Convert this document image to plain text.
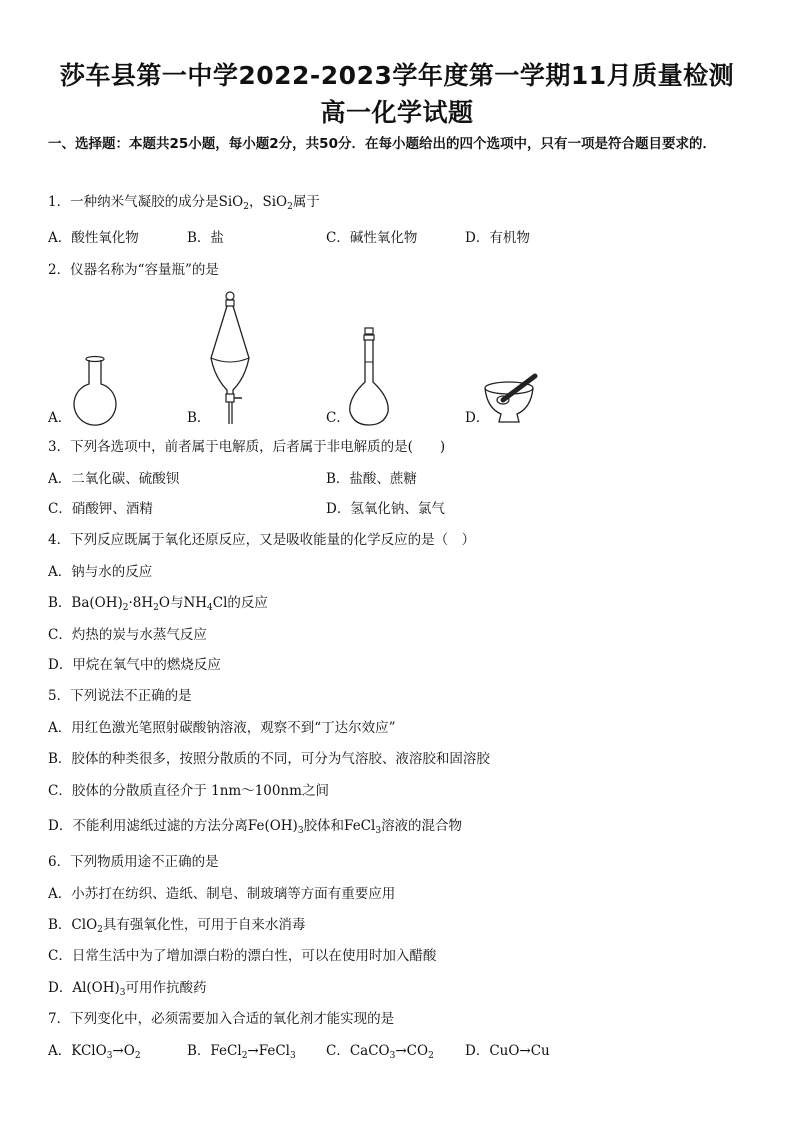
莎车县第一中学2022-2023学年度第一学期11月质量检测
高一化学试题
一、选择题：本题共25小题，每小题2分，共50分．在每小题给出的四个选项中，只有一项是符合题目要求的．
1．一种纳米气凝胶的成分是SiO$_2$，SiO$_2$属于
A．酸性氧化物	B．盐	C．碱性氧化物	D．有机物
2．仪器名称为“容量瓶”的是
A．	B．	C．	D．
3．下列各选项中，前者属于电解质，后者属于非电解质的是(　　)
A．二氧化碳、硫酸钡	B．盐酸、蔗糖
C．硝酸钾、酒精	D．氢氧化钠、氯气
4．下列反应既属于氧化还原反应，又是吸收能量的化学反应的是（　）
A．钠与水的反应
B．$Ba(OH)_2\cdot 8H_2O$与$NH_4Cl$的反应
C．灼热的炭与水蒸气反应
D．甲烷在氧气中的燃烧反应
5．下列说法不正确的是
A．用红色激光笔照射碳酸钠溶液，观察不到“丁达尔效应”
B．胶体的种类很多，按照分散质的不同，可分为气溶胶、液溶胶和固溶胶
C．胶体的分散质直径介于 1nm～100nm之间
D．不能利用滤纸过滤的方法分离$Fe(OH)_3$胶体和FeCl$_3$溶液的混合物
6．下列物质用途不正确的是
A．小苏打在纺织、造纸、制皂、制玻璃等方面有重要应用
B．ClO$_2$具有强氧化性，可用于自来水消毒
C．日常生活中为了增加漂白粉的漂白性，可以在使用时加入醋酸
D．$Al(OH)_3$可用作抗酸药
7．下列变化中，必须需要加入合适的氧化剂才能实现的是
A．$KClO_3\to O_2$	B．FeCl$_2$→FeCl$_3$ C．$CaCO_3\to CO_2$ D．CuO→Cu
